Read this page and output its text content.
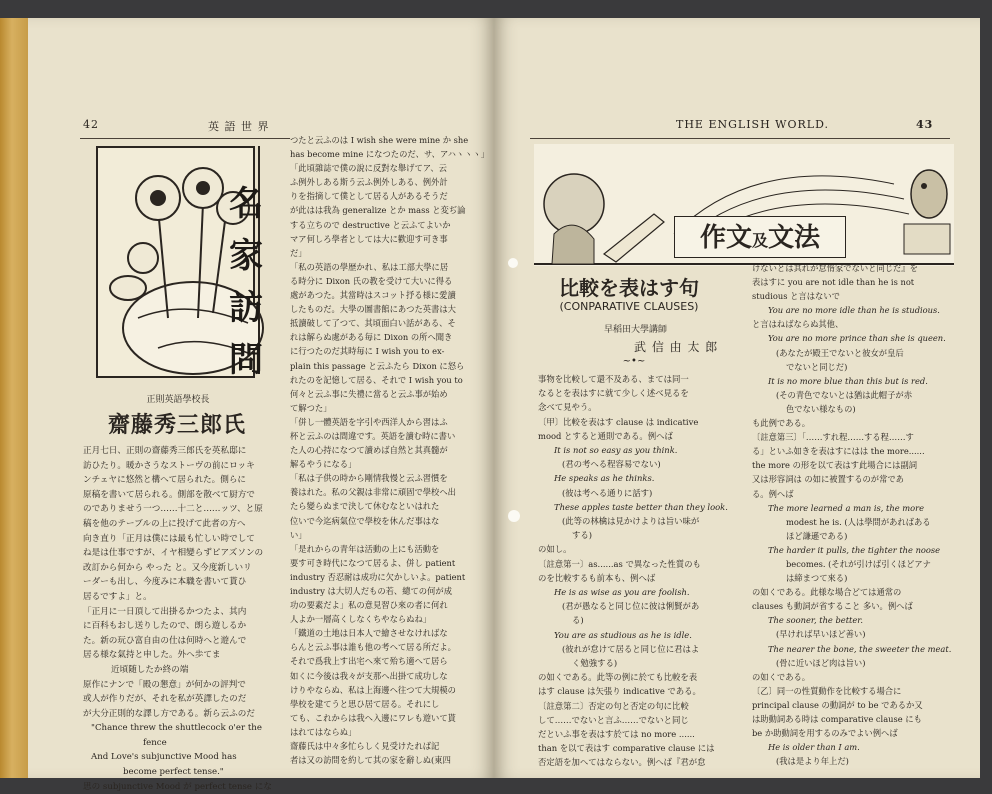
42	英 語 世 界
名
家
訪
問
正則英語學校長
齋藤秀三郎氏

正月七日、正則の齋藤秀三郎氏を英私邸に

訪ひたり。暖かさうなストーヴの前にロッキ

ンチェヤに悠然と構へて居られた。側らに

原稿を書いて居られる。側部を散べて厨方で

のでありませう一つ……十二と……ッツ、と原

稿を他のテーブルの上に投げて此者の方へ

向き直り「正月は僕には最も忙しい時でして

ね是は仕事ですが、イヤ相變らずピアズソンの

改訂から何から やった と。又今度新しいリ

ーダーも出し、今度みに本職を書いて貰ひ

居るですよ」と。

「正月に一日頂して出掛るかつたよ、其内

に百科もおし送りしたので、朗ら遊しるか

た。新の玩ひ富自由の仕は何時へと遊んで

居る様な氣持と申した。外へ歩てま

近頃随したか終の端

原作にナンで「殿の懇意」が何かの評判で

或人が作りだが、それを私が英譯したのだ

が大分正則的な譯し方である。新ら云ふのだ

"Chance threw the shuttlecock o'er the

fence

And Love's subjunctive Mood has

become perfect tense."

思の subjunctive Mood が perfect tense にな

つたと云ふのは I wish she were mine か she

has become mine になつたのだ、サ、アハヽヽヽ」

「此頃雜誌で僕の說に反對な舉げてア、云

ふ例外しある斯う云ふ例外しある、例外計

りを指摘して僕として居る人があるそうだ

が此はは我為 generalize とか mass と変ぢ論

する立ちので destructive と云ふてよいか

マア何しろ學者としては大に歡迎す可き事

だ」

「私の英語の學歴かれ、私は工部大學に居

る時分に Dixon 氏の教を受けて大いに得る

處があつた。其當時はスコット抒る様に愛讀

したものだ。大學の圖書館にあつた英書は大

抵讀破して了つて、其頃面白い話がある、そ

れは解らぬ處がある毎に Dixon の所へ聞き

に行つたのだ其時毎に I wish you to ex-

plain this passage と云ふたら Dixon に怒ら

れたのを記憶して居る、それで I wish you to

何々と云ふ事に失禮に當ると云ふ事が始め

て解つた」

「併し一體英語を字引や西洋人から習はふ

杯と云ふのは間違です。英語を讀む時に書い

た人の心持になつて讀めば自然と其真髓が

解るやうになる」

「私は子供の時から剛情我慢と云ふ習慣を

養はれた。私の父親は非常に頑固で學校へ出

たら變らぬまで決して休むなといはれた

位いで今迄病氣位で學校を休んだ事はな

い」

「是れからの青年は活動の上にも活動を

要す可き時代になつて居るよ、併し patient

industry 否忍耐は成功に欠かしいよ。patient

industry は大切人だもの若、總ての何が成

功の要素だよ」私の意見習ひ來の者に何れ

人よか一層高くしなくちやならぬね」

「鐵道の土地は日本人で繪させなければな

らんと云ふ事は誰も他の考へて居る所だよ。

それで爲我上す出宅へ來て殆ち適へて居ら

如くに今後は我々が支那へ出掛て成功しな

けりやならぬ、私は上海邊へ往つて大規模の

學校を建てうと思ひ居て居る。それにし

ても、これからは我へ入邊にワレも遊いて貰

はれてはならぬ」

齋藤氏は中々多忙らしく見受けたれば記

者は又の訪問を約して其の家を辭しぬ(東四

THE ENGLISH WORLD.	43
作文及文法
比較を表はす句
(CONPARATIVE CLAUSES)
早稻田大學講師
武 信 由 太 郎
~•~

事物を比較して還不及ある、まては同一

なるとを表はすに就て少しく述べ見るを

念べて見やう。

〔甲〕比較を表はす clause は indicative

mood とすると通則である。例へば

It is not so easy as you think.

(君の考へる程容易でない)

He speaks as he thinks.

(彼は考へる通りに話す)

These apples taste better than they look.

(此等の林檎は見かけよりは旨い味が

する)

の如し。

〔註意第一〕as......as で異なった性質のも

のを比較するも前本も、例へば

He is as wise as you are foolish.

(君が愚なると同じ位に彼は悧賢があ

る)

You are as studious as he is idle.

(彼れが怠けて居ると同じ位に君はよ

く勉強する)

の如くである。此等の例に於ても比較を表

はす clause は矢張り indicative である。

〔註意第二〕否定の句と否定の句に比較

して……でないと言ふ……でないと同じ

だといふ事を表はす於ては no more ......

than を以て表はす comparative clause には

否定語を加へてはならない。例へば『君が怠

けないとは其れが怠惰家でないと同じだ』を

表はすに you are not idle than he is not

studious と言はないで

You are no more idle than he is studious.

と言はねばならぬ其他、

You are no more prince than she is queen.

(あなたが殿王でないと彼女が皇后

でないと同じだ)

It is no more blue than this but is red.

(その青色でないとは猶は此帽子が赤

色でない様なもの)

も此例である。

〔註意第三〕「……すれ程……する程……す

る」といふ如きを表はすにはは the more......

the more の形を以て表はす此場合には副詞

又は形容詞は の如に被置するのが常であ

る。例へば

The more learned a man is, the more

modest he is. (人は學問があればある

ほど謙遜である)

The harder it pulls, the tighter the noose

becomes. (それが引けば引くほどアナ

は締まつて來る)

の如くである。此様な場合どては通常の

clauses も動詞が省すること 多い。例へば

The sooner, the better.

(早ければ早いほど善い)

The nearer the bone, the sweeter the meat.

(骨に近いほど肉は旨い)

の如くである。

〔乙〕同一の性質動作を比較する場合に

principal clause の動詞が to be であるか又

は助動詞ある時は comparative clause にも

be か助動詞を用するのみでよい例へば

He is older than I am.

(我は是より年上だ)
